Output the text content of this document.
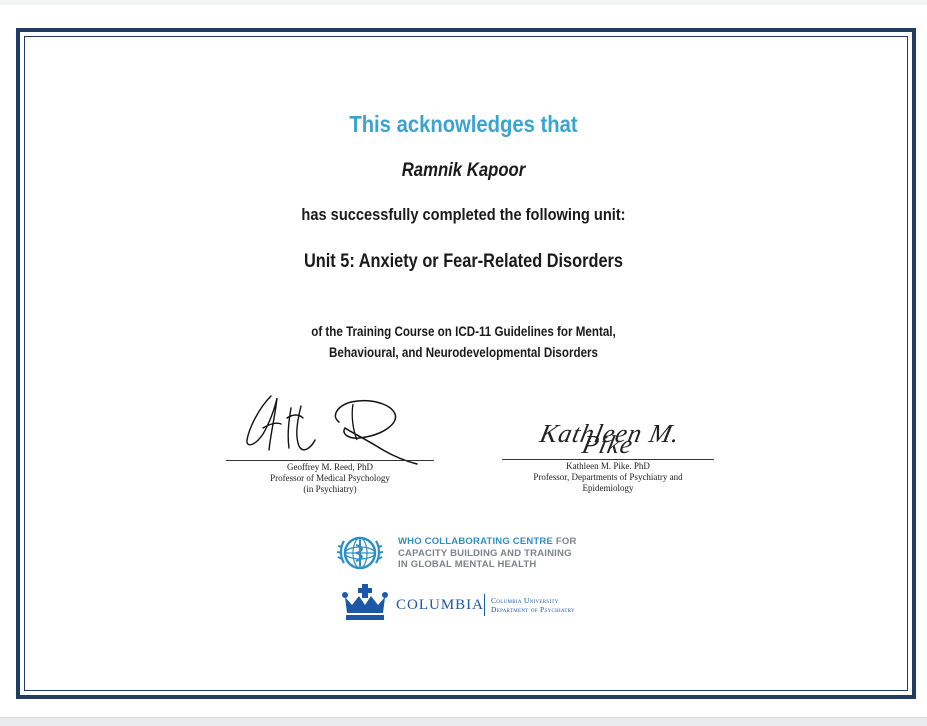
This acknowledges that
Ramnik Kapoor
has successfully completed the following unit:
Unit 5: Anxiety or Fear-Related Disorders
of the Training Course on ICD-11 Guidelines for Mental,
Behavioural, and Neurodevelopmental Disorders
Geoffrey M. Reed, PhD
Professor of Medical Psychology
(in Psychiatry)
Kathleen M. Pike
Kathleen M. Pike. PhD
Professor, Departments of Psychiatry and
Epidemiology
WHO COLLABORATING CENTRE FOR
CAPACITY BUILDING AND TRAINING
IN GLOBAL MENTAL HEALTH
COLUMBIA Columbia University
Department of Psychiatry
